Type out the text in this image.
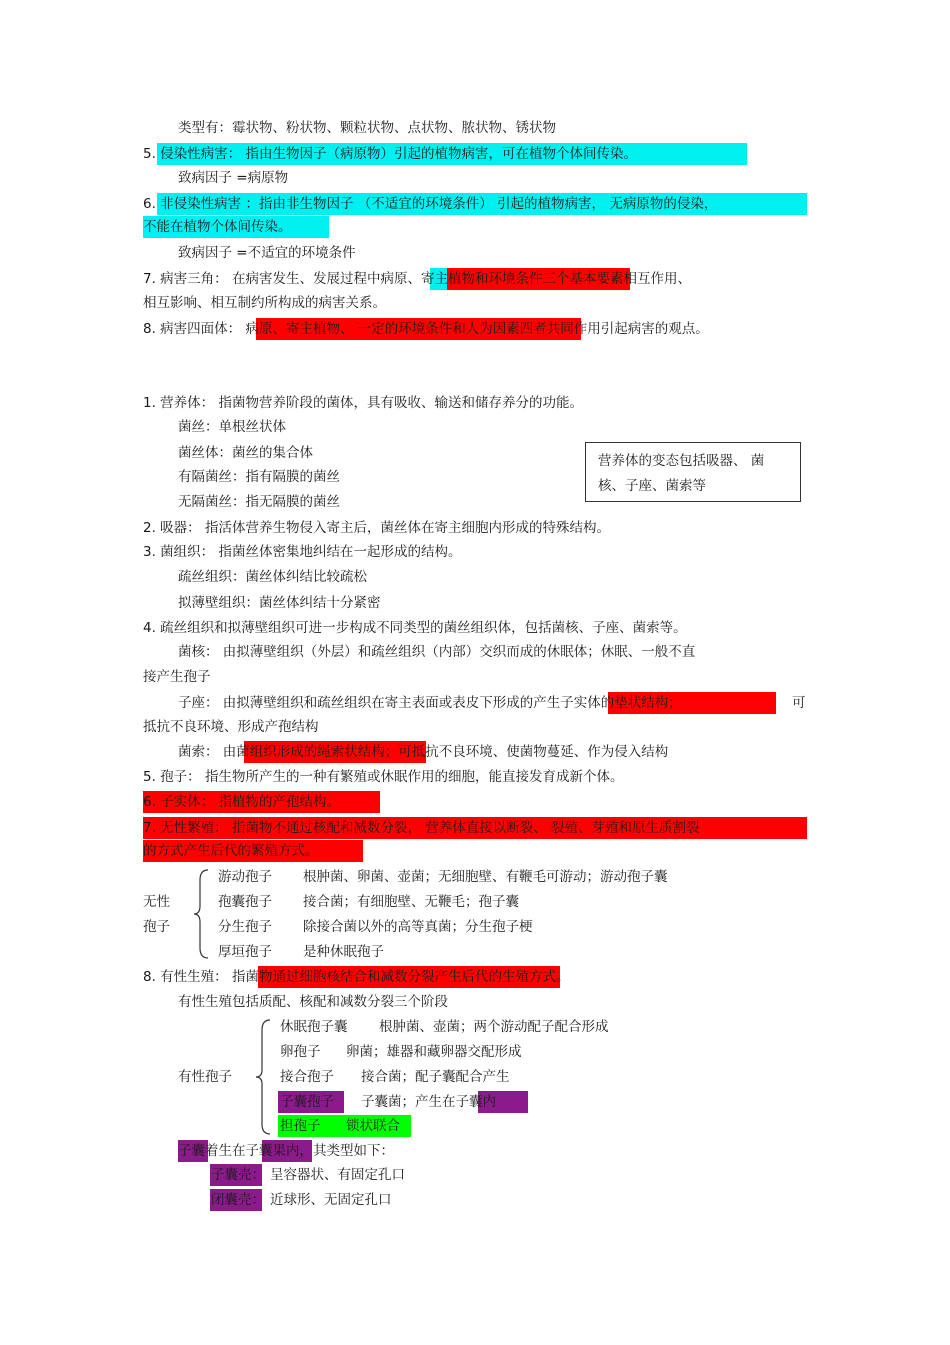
类型有：霉状物、粉状物、颗粒状物、点状物、脓状物、锈状物
5. 侵染性病害： 指由生物因子（病原物）引起的植物病害，可在植物个体间传染。
致病因子 =病原物
6. 非侵染性病害 ：指由非生物因子 （不适宜的环境条件） 引起的植物病害， 无病原物的侵染，
不能在植物个体间传染。
致病因子 =不适宜的环境条件
7. 病害三角： 在病害发生、发展过程中病原、寄主植物和环境条件三个基本要素相互作用、
相互影响、相互制约所构成的病害关系。
8. 病害四面体： 病原、寄主植物、 一定的环境条件和人为因素四者共同作用引起病害的观点。
1. 营养体： 指菌物营养阶段的菌体，具有吸收、输送和储存养分的功能。
菌丝：单根丝状体
菌丝体：菌丝的集合体
有隔菌丝：指有隔膜的菌丝
无隔菌丝：指无隔膜的菌丝
营养体的变态包括吸器、 菌
核、子座、菌索等
2. 吸器： 指活体营养生物侵入寄主后，菌丝体在寄主细胞内形成的特殊结构。
3. 菌组织： 指菌丝体密集地纠结在一起形成的结构。
疏丝组织：菌丝体纠结比较疏松
拟薄壁组织：菌丝体纠结十分紧密
4. 疏丝组织和拟薄壁组织可进一步构成不同类型的菌丝组织体，包括菌核、子座、菌索等。
菌核： 由拟薄壁组织（外层）和疏丝组织（内部）交织而成的休眠体；休眠、一般不直
接产生孢子
子座： 由拟薄壁组织和疏丝组织在寄主表面或表皮下形成的产生子实体的垫状结构；	可
抵抗不良环境、形成产孢结构
菌索： 由菌组织形成的绳索状结构；可抵抗不良环境、使菌物蔓延、作为侵入结构
5. 孢子： 指生物所产生的一种有繁殖或休眠作用的细胞，能直接发育成新个体。
6. 子实体： 指植物的产孢结构。
7. 无性繁殖： 指菌物不通过核配和减数分裂， 营养体直接以断裂、 裂殖、芽殖和原生质割裂
的方式产生后代的繁殖方式。
无性
孢子
游动孢子 根肿菌、卵菌、壶菌；无细胞壁、有鞭毛可游动；游动孢子囊
孢囊孢子 接合菌；有细胞壁、无鞭毛；孢子囊
分生孢子 除接合菌以外的高等真菌；分生孢子梗
厚垣孢子 是种休眠孢子
8. 有性生殖： 指菌物通过细胞核结合和减数分裂产生后代的生殖方式。
有性生殖包括质配、核配和减数分裂三个阶段
有性孢子
休眠孢子囊 根肿菌、壶菌；两个游动配子配合形成
卵孢子 卵菌；雄器和藏卵器交配形成
接合孢子 接合菌；配子囊配合产生
子囊孢子 子囊菌；产生在子囊内
担孢子 锁状联合
子囊着生在子囊果内，其类型如下：
子囊壳： 呈容器状、有固定孔口
闭囊壳： 近球形、无固定孔口
